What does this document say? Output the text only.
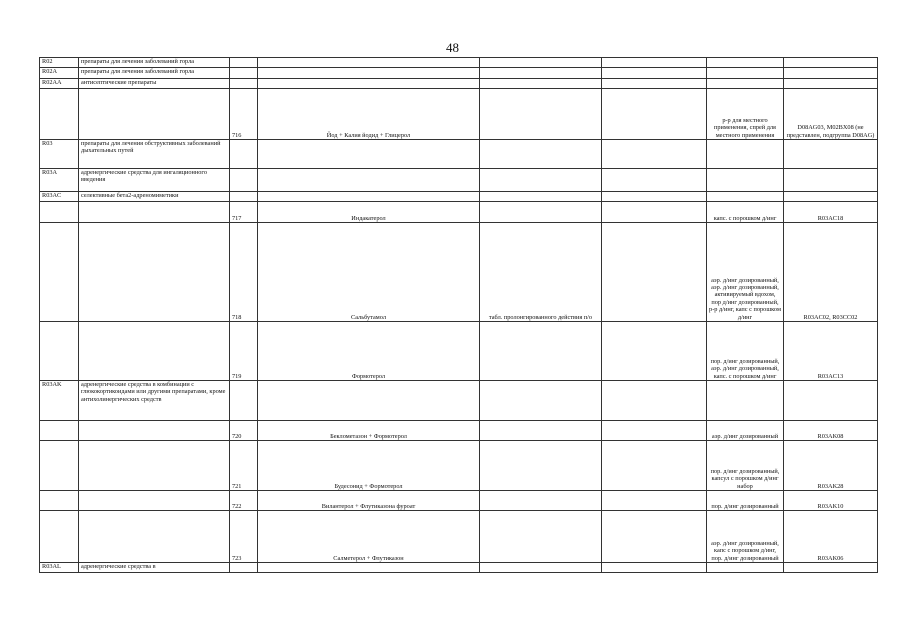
48
R02	препараты для лечения заболеваний горла						
R02A	препараты для лечения заболеваний горла						
R02AA	антисептические препараты						
		716	Йод + Калия йодид + Глицерол			р-р для местного применения, спрей для местного применения	D08AG03, M02BX08 (не представлен, подгруппа D08AG)
R03	препараты для лечения обструктивных заболеваний дыхательных путей						
R03A	адренергические средства для ингаляционного введения						
R03AC	селективные бета2-адреномиметики						
		717	Индакатерол			капс. с порошком д/инг	R03AC18
		718	Сальбутамол	табл. пролонгированного действия п/о		аэр. д/инг дозированный, аэр. д/инг дозированный, активируемый вдохом, пор д/инг дозированный, р-р д/инг, капс с порошком д/инг	R03AC02, R03CC02
		719	Формотерол			пор. д/инг дозированный, аэр. д/инг дозированный, капс. с порошком д/инг	R03AC13
R03AK	адренергические средства в комбинации с глюкокортикоидами или другими препаратами, кроме антихолинергических средств						
		720	Беклометазон + Формотерол			аэр. д/инг дозированный	R03AK08
		721	Будесонид + Формотерол			пор. д/инг дозированный, капсул с порошком д/инг набор	R03AK28
		722	Вилантерол + Флутиказона фуроат			пор. д/инг дозированный	R03AK10
		723	Салметерол + Флутиказон			аэр. д/инг дозированный, капс с порошком д/инг, пор. д/инг дозированный	R03AK06
R03AL	адренергические средства в						
